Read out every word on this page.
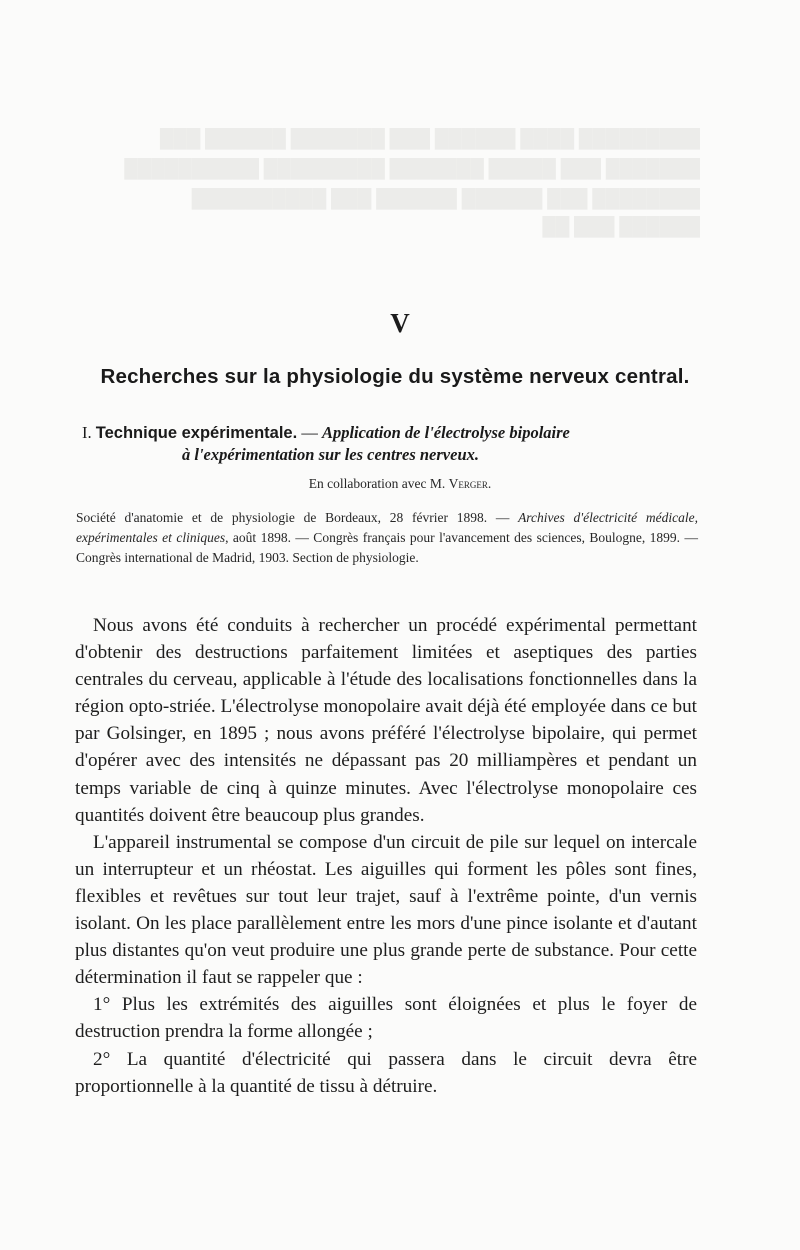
█████████ ████ ██████ ███ ███████ ██████ ███
███████ ███ █████ ███████ █████████ ██████████
████████ ███ ██████ ██████ ███ ██████████
██████ ███ ██
V
Recherches sur la physiologie du système nerveux central.
I. Technique expérimentale. — Application de l'électrolyse bipolaire
à l'expérimentation sur les centres nerveux.
En collaboration avec M. Verger.
Société d'anatomie et de physiologie de Bordeaux, 28 février 1898. — Archives d'électricité médicale, expérimentales et cliniques, août 1898. — Congrès français pour l'avancement des sciences, Boulogne, 1899. — Congrès international de Madrid, 1903. Section de physiologie.

Nous avons été conduits à rechercher un procédé expérimental permettant d'obtenir des destructions parfaitement limitées et aseptiques des parties centrales du cerveau, applicable à l'étude des localisations fonctionnelles dans la région opto-striée. L'électrolyse monopolaire avait déjà été employée dans ce but par Golsinger, en 1895 ; nous avons préféré l'électrolyse bipolaire, qui permet d'opérer avec des intensités ne dépassant pas 20 milliampères et pendant un temps variable de cinq à quinze minutes. Avec l'électrolyse monopolaire ces quantités doivent être beaucoup plus grandes.

L'appareil instrumental se compose d'un circuit de pile sur lequel on intercale un interrupteur et un rhéostat. Les aiguilles qui forment les pôles sont fines, flexibles et revêtues sur tout leur trajet, sauf à l'extrême pointe, d'un vernis isolant. On les place parallèlement entre les mors d'une pince isolante et d'autant plus distantes qu'on veut produire une plus grande perte de substance. Pour cette détermination il faut se rappeler que :

1° Plus les extrémités des aiguilles sont éloignées et plus le foyer de destruction prendra la forme allongée ;

2° La quantité d'électricité qui passera dans le circuit devra être proportionnelle à la quantité de tissu à détruire.
